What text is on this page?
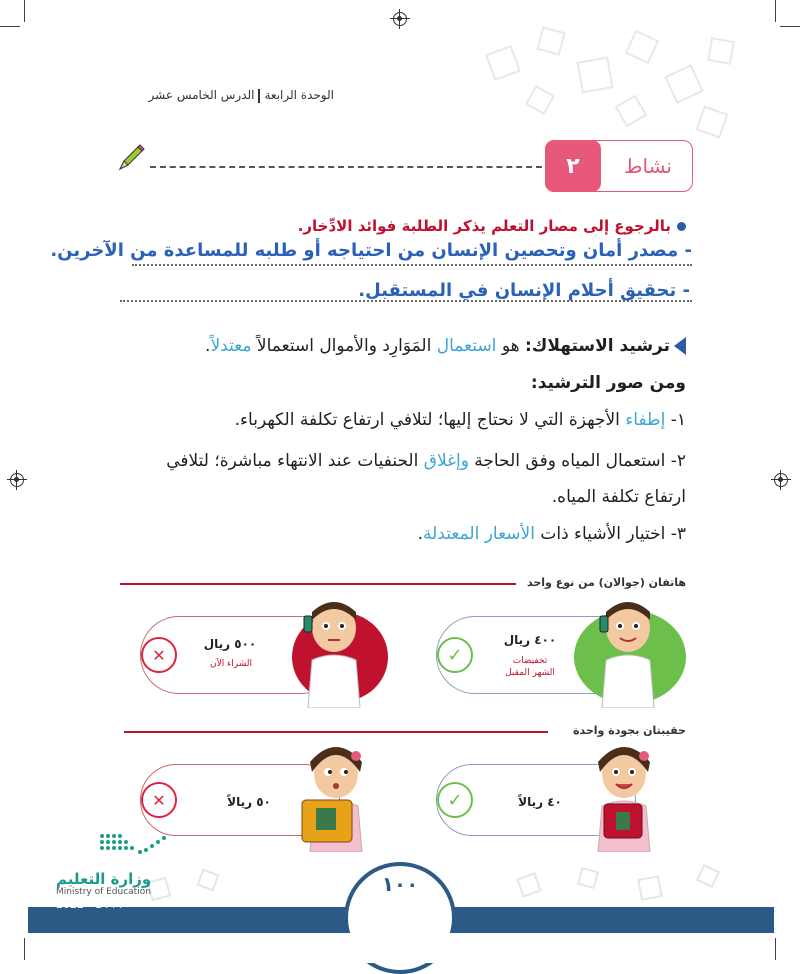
الوحدة الرابعةالدرس الخامس عشر
٢	نشاط
بالرجوع إلى مصار التعلم يذكر الطلبة فوائد الادِّخار.
- مصدر أمان وتحصين الإنسان من احتياجه أو طلبه للمساعدة من الآخرين.
- تحقيق أحلام الإنسان في المستقبل.
ترشيد الاستهلاك: هو استعمال المَوَارِد والأموال استعمالاً معتدلاً.
ومن صور الترشيد:
١- إطفاء الأجهزة التي لا نحتاج إليها؛ لتلافي ارتفاع تكلفة الكهرباء.
٢- استعمال المياه وفق الحاجة وإغلاق الحنفيات عند الانتهاء مباشرة؛ لتلافي
ارتفاع تكلفة المياه.
٣- اختيار الأشياء ذات الأسعار المعتدلة.
هاتفان (جوالان) من نوع واحد
✓
٤٠٠ ريال
تخفيضات
الشهر المقبل
✕
٥٠٠ ريال
الشراء الآن
حقيبتان بجودة واحدة
✓	٤٠ ريالاً
✕	٥٠ ريالاً
وزارة التعليم
Ministry of Education
2022 - 1444
١٠٠
